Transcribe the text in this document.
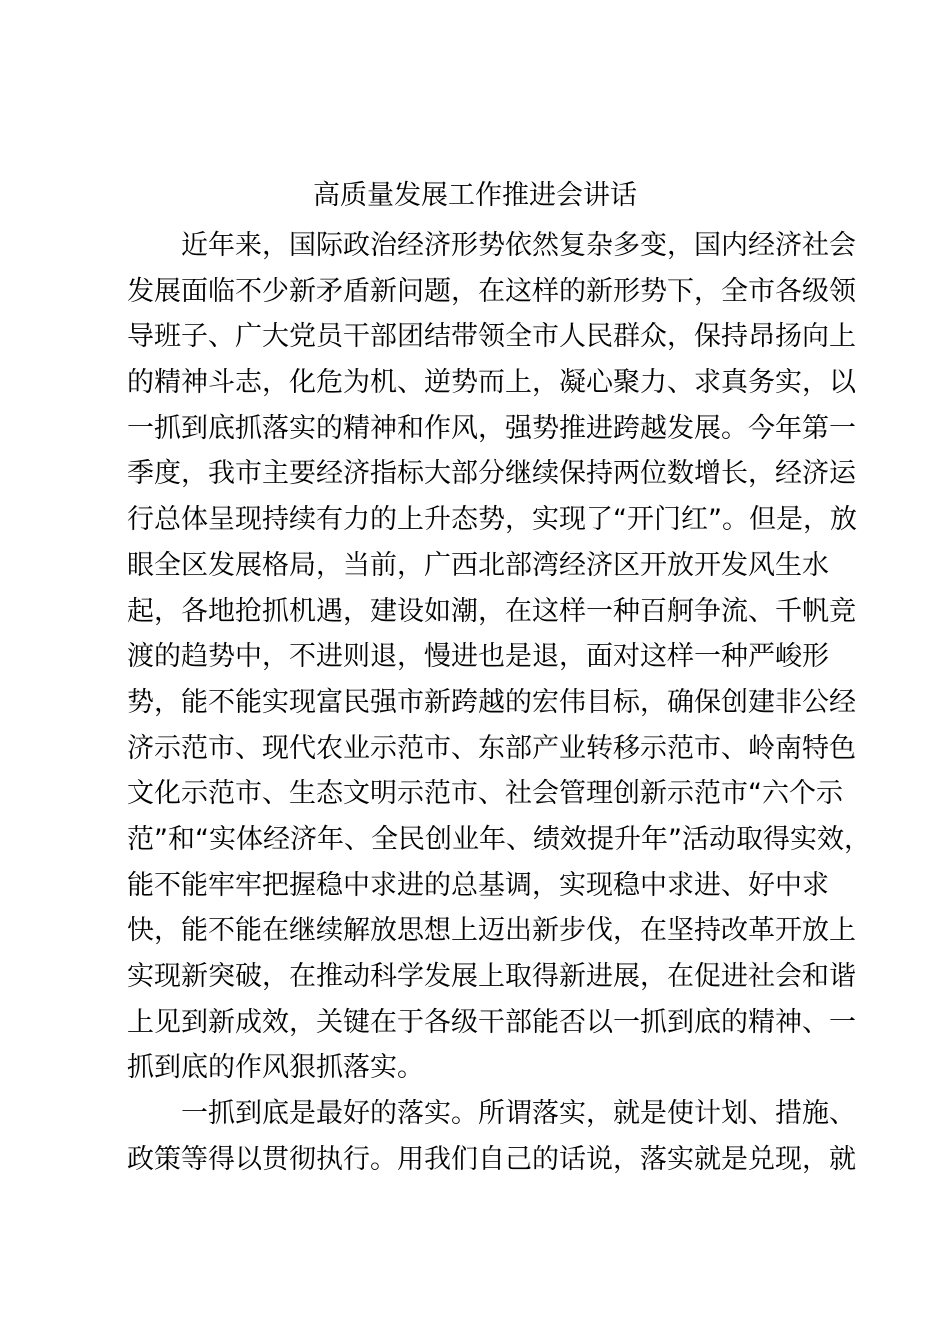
高质量发展工作推进会讲话
近年来，国际政治经济形势依然复杂多变，国内经济社会
发展面临不少新矛盾新问题，在这样的新形势下，全市各级领
导班子、广大党员干部团结带领全市人民群众，保持昂扬向上
的精神斗志，化危为机、逆势而上，凝心聚力、求真务实，以
一抓到底抓落实的精神和作风，强势推进跨越发展。今年第一
季度，我市主要经济指标大部分继续保持两位数增长，经济运
行总体呈现持续有力的上升态势，实现了“开门红”。但是，放
眼全区发展格局，当前，广西北部湾经济区开放开发风生水
起，各地抢抓机遇，建设如潮，在这样一种百舸争流、千帆竞
渡的趋势中，不进则退，慢进也是退，面对这样一种严峻形
势，能不能实现富民强市新跨越的宏伟目标，确保创建非公经
济示范市、现代农业示范市、东部产业转移示范市、岭南特色
文化示范市、生态文明示范市、社会管理创新示范市“六个示
范”和“实体经济年、全民创业年、绩效提升年”活动取得实效，
能不能牢牢把握稳中求进的总基调，实现稳中求进、好中求
快，能不能在继续解放思想上迈出新步伐，在坚持改革开放上
实现新突破，在推动科学发展上取得新进展，在促进社会和谐
上见到新成效，关键在于各级干部能否以一抓到底的精神、一
抓到底的作风狠抓落实。
一抓到底是最好的落实。所谓落实，就是使计划、措施、
政策等得以贯彻执行。用我们自己的话说，落实就是兑现，就
